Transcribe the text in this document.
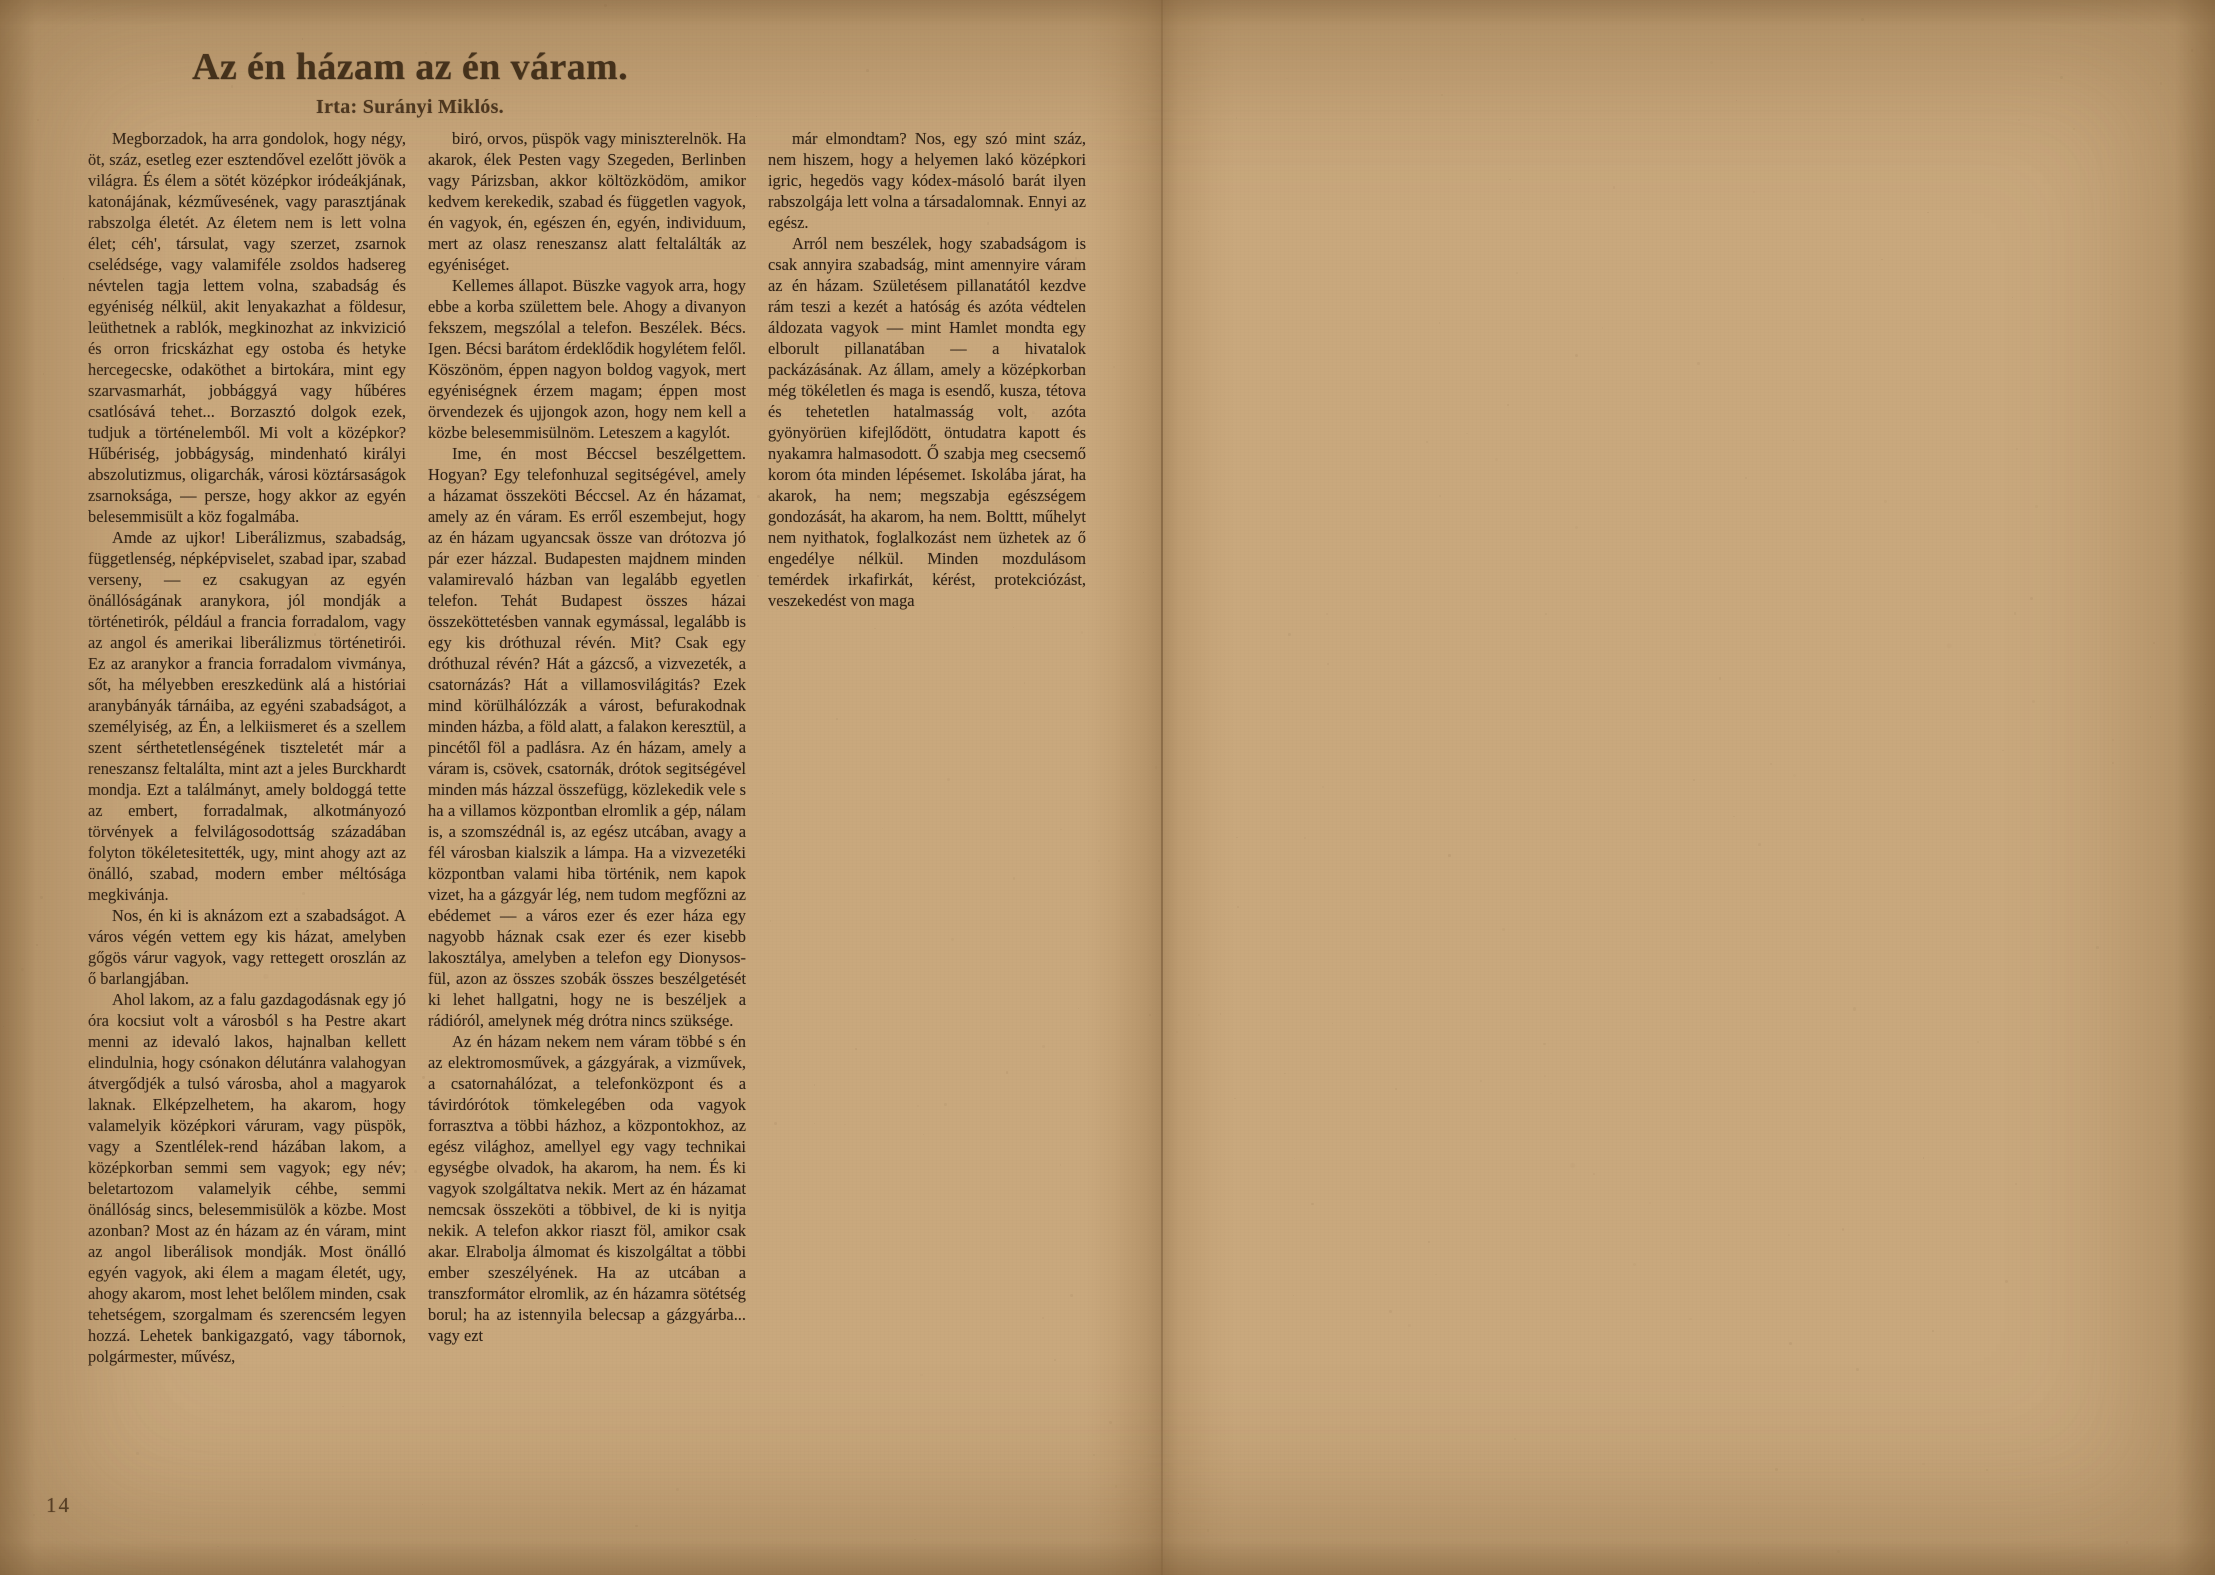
Az én házam az én váram.
Irta: Surányi Miklós.

Megborzadok, ha arra gondolok, hogy négy, öt, száz, esetleg ezer esztendővel ezelőtt jövök a világra. És élem a sötét középkor iródeákjának, katonájának, kézművesének, vagy parasztjának rabszolga életét. Az életem nem is lett volna élet; céh', társulat, vagy szerzet, zsarnok cselédsége, vagy valamiféle zsoldos hadsereg névtelen tagja lettem volna, szabadság és egyéniség nélkül, akit lenyakazhat a földesur, leüthetnek a rablók, megkinozhat az inkvizició és orron fricskázhat egy ostoba és hetyke hercegecske, odaköthet a birtokára, mint egy szarvasmarhát, jobbággyá vagy hűbéres csatlósává tehet... Borzasztó dolgok ezek, tudjuk a történelemből. Mi volt a középkor? Hűbériség, jobbágyság, mindenható királyi abszolutizmus, oligarchák, városi köztársaságok zsarnoksága, — persze, hogy akkor az egyén belesemmisült a köz fogalmába.

Amde az ujkor! Liberálizmus, szabadság, függetlenség, népképviselet, szabad ipar, szabad verseny, — ez csakugyan az egyén önállóságának aranykora, jól mondják a történetirók, például a francia forradalom, vagy az angol és amerikai liberálizmus történetirói. Ez az aranykor a francia forradalom vivmánya, sőt, ha mélyebben ereszkedünk alá a históriai aranybányák tárnáiba, az egyéni szabadságot, a személyiség, az Én, a lelkiismeret és a szellem szent sérthetetlenségének tiszteletét már a reneszansz feltalálta, mint azt a jeles Burckhardt mondja. Ezt a találmányt, amely boldoggá tette az embert, forradalmak, alkotmányozó törvények a felvilágosodottság századában folyton tökéletesitették, ugy, mint ahogy azt az önálló, szabad, modern ember méltósága megkivánja.

Nos, én ki is aknázom ezt a szabadságot. A város végén vettem egy kis házat, amelyben gőgös várur vagyok, vagy rettegett oroszlán az ő barlangjában.

Ahol lakom, az a falu gazdagodásnak egy jó óra kocsiut volt a városból s ha Pestre akart menni az idevaló lakos, hajnalban kellett elindulnia, hogy csónakon délutánra valahogyan átvergődjék a tulsó városba, ahol a magyarok laknak. Elképzelhetem, ha akarom, hogy valamelyik középkori váruram, vagy püspök, vagy a Szentlélek-rend házában lakom, a középkorban semmi sem vagyok; egy név; beletartozom valamelyik céhbe, semmi önállóság sincs, belesemmisülök a közbe. Most azonban? Most az én házam az én váram, mint az angol liberálisok mondják. Most önálló egyén vagyok, aki élem a magam életét, ugy, ahogy akarom, most lehet belőlem minden, csak tehetségem, szorgalmam és szerencsém legyen hozzá. Lehetek bankigazgató, vagy tábornok, polgármester, művész,

biró, orvos, püspök vagy miniszterelnök. Ha akarok, élek Pesten vagy Szegeden, Berlinben vagy Párizsban, akkor költözködöm, amikor kedvem kerekedik, szabad és független vagyok, én vagyok, én, egészen én, egyén, individuum, mert az olasz reneszansz alatt feltalálták az egyéniséget.

Kellemes állapot. Büszke vagyok arra, hogy ebbe a korba születtem bele. Ahogy a divanyon fekszem, megszólal a telefon. Beszélek. Bécs. Igen. Bécsi barátom érdeklődik hogylétem felől. Köszönöm, éppen nagyon boldog vagyok, mert egyéniségnek érzem magam; éppen most örvendezek és ujjongok azon, hogy nem kell a közbe belesemmisülnöm. Leteszem a kagylót.

Ime, én most Béccsel beszélgettem. Hogyan? Egy telefonhuzal segitségével, amely a házamat összeköti Béccsel. Az én házamat, amely az én váram. Es erről eszembejut, hogy az én házam ugyancsak össze van drótozva jó pár ezer házzal. Budapesten majdnem minden valamirevaló házban van legalább egyetlen telefon. Tehát Budapest összes házai összeköttetésben vannak egymással, legalább is egy kis dróthuzal révén. Mit? Csak egy dróthuzal révén? Hát a gázcső, a vizvezeték, a csatornázás? Hát a villamosvilágitás? Ezek mind körülhálózzák a várost, befurakodnak minden házba, a föld alatt, a falakon keresztül, a pincétől föl a padlásra. Az én házam, amely a váram is, csövek, csatornák, drótok segitségével minden más házzal összefügg, közlekedik vele s ha a villamos központban elromlik a gép, nálam is, a szomszédnál is, az egész utcában, avagy a fél városban kialszik a lámpa. Ha a vizvezetéki központban valami hiba történik, nem kapok vizet, ha a gázgyár lég, nem tudom megfőzni az ebédemet — a város ezer és ezer háza egy nagyobb háznak csak ezer és ezer kisebb lakosztálya, amelyben a telefon egy Dionysos-fül, azon az összes szobák összes beszélgetését ki lehet hallgatni, hogy ne is beszéljek a rádióról, amelynek még drótra nincs szüksége.

Az én házam nekem nem váram többé s én az elektromosművek, a gázgyárak, a vizművek, a csatornahálózat, a telefonközpont és a távirdórótok tömkelegében oda vagyok forrasztva a többi házhoz, a központokhoz, az egész világhoz, amellyel egy vagy technikai egységbe olvadok, ha akarom, ha nem. És ki vagyok szolgáltatva nekik. Mert az én házamat nemcsak összeköti a többivel, de ki is nyitja nekik. A telefon akkor riaszt föl, amikor csak akar. Elrabolja álmomat és kiszolgáltat a többi ember szeszélyének. Ha az utcában a transzformátor elromlik, az én házamra sötétség borul; ha az istennyila belecsap a gázgyárba... vagy ezt

már elmondtam? Nos, egy szó mint száz, nem hiszem, hogy a helyemen lakó középkori igric, hegedös vagy kódex-másoló barát ilyen rabszolgája lett volna a társadalomnak. Ennyi az egész.

Arról nem beszélek, hogy szabadságom is csak annyira szabadság, mint amennyire váram az én házam. Születésem pillanatától kezdve rám teszi a kezét a hatóság és azóta védtelen áldozata vagyok — mint Hamlet mondta egy elborult pillanatában — a hivatalok packázásának. Az állam, amely a középkorban még tökéletlen és maga is esendő, kusza, tétova és tehetetlen hatalmasság volt, azóta gyönyörüen kifejlődött, öntudatra kapott és nyakamra halmasodott. Ő szabja meg csecsemő korom óta minden lépésemet. Iskolába járat, ha akarok, ha nem; megszabja egészségem gondozását, ha akarom, ha nem. Bolttt, műhelyt nem nyithatok, foglalkozást nem üzhetek az ő engedélye nélkül. Minden mozdulásom temérdek irkafirkát, kérést, protekciózást, veszekedést von maga

14
